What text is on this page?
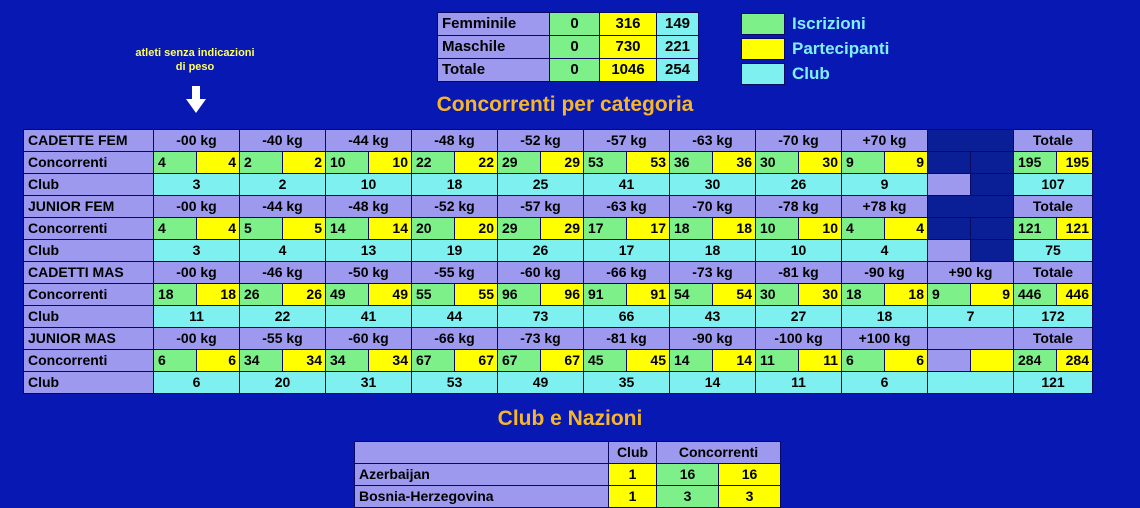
Femminile	0	316	149
Maschile	0	730	221
Totale	0	1046	254
Iscrizioni
Partecipanti
Club
atleti senza indicazioni
di peso
Concorrenti per categoria
CADETTE FEM	-00 kg		-40 kg		-44 kg		-48 kg		-52 kg		-57 kg		-63 kg		-70 kg		+70 kg				Totale	
Concorrenti	4	4	2	2	10	10	22	22	29	29	53	53	36	36	30	30	9	9			195	195
Club	3		2		10		18		25		41		30		26		9				107	
JUNIOR FEM	-00 kg		-44 kg		-48 kg		-52 kg		-57 kg		-63 kg		-70 kg		-78 kg		+78 kg				Totale	
Concorrenti	4	4	5	5	14	14	20	20	29	29	17	17	18	18	10	10	4	4			121	121
Club	3		4		13		19		26		17		18		10		4				75	
CADETTI MAS	-00 kg		-46 kg		-50 kg		-55 kg		-60 kg		-66 kg		-73 kg		-81 kg		-90 kg		+90 kg		Totale	
Concorrenti	18	18	26	26	49	49	55	55	96	96	91	91	54	54	30	30	18	18	9	9	446	446
Club	11		22		41		44		73		66		43		27		18		7		172	
JUNIOR MAS	-00 kg		-55 kg		-60 kg		-66 kg		-73 kg		-81 kg		-90 kg		-100 kg		+100 kg				Totale	
Concorrenti	6	6	34	34	34	34	67	67	67	67	45	45	14	14	11	11	6	6			284	284
Club	6		20		31		53		49		35		14		11		6				121	
Club e Nazioni
	Club	Concorrenti	
Azerbaijan	1	16	16
Bosnia-Herzegovina	1	3	3
